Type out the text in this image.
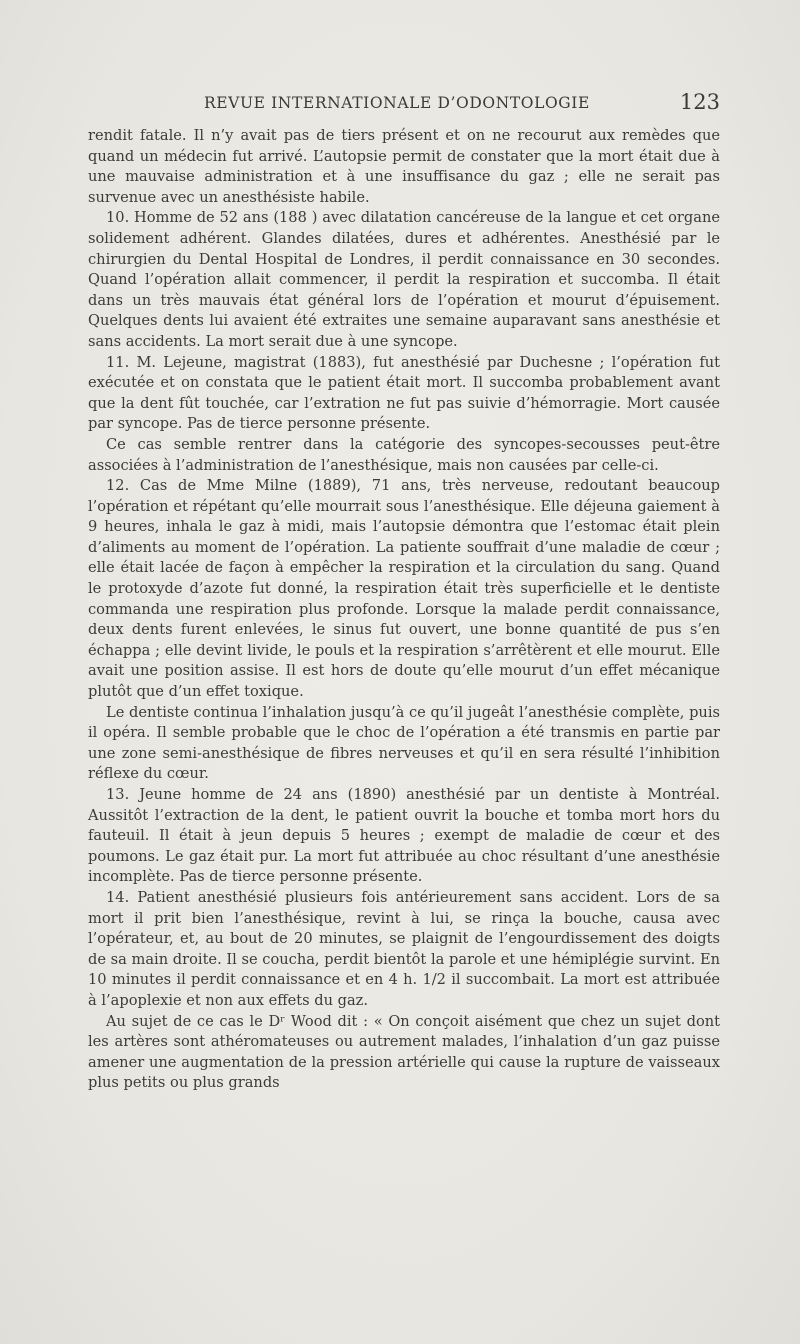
REVUE INTERNATIONALE D’ODONTOLOGIE	123

rendit fatale. Il n’y avait pas de tiers présent et on ne recourut aux remèdes que quand un médecin fut arrivé. L’autopsie permit de constater que la mort était due à une mauvaise administration et à une insuffisance du gaz ; elle ne serait pas survenue avec un anesthésiste habile.

10. Homme de 52 ans (188 ) avec dilatation cancéreuse de la langue et cet organe solidement adhérent. Glandes dilatées, dures et adhérentes. Anesthésié par le chirurgien du Dental Hospital de Londres, il perdit connaissance en 30 secondes. Quand l’opération allait commencer, il perdit la respiration et succomba. Il était dans un très mauvais état général lors de l’opération et mourut d’épuisement. Quelques dents lui avaient été extraites une semaine auparavant sans anesthésie et sans accidents. La mort serait due à une syncope.

11. M. Lejeune, magistrat (1883), fut anesthésié par Duchesne ; l’opération fut exécutée et on constata que le patient était mort. Il succomba probablement avant que la dent fût touchée, car l’extration ne fut pas suivie d’hémorragie. Mort causée par syncope. Pas de tierce personne présente.

Ce cas semble rentrer dans la catégorie des syncopes-secousses peut-être associées à l’administration de l’anesthésique, mais non causées par celle-ci.

12. Cas de Mme Milne (1889), 71 ans, très nerveuse, redoutant beaucoup l’opération et répétant qu’elle mourrait sous l’anesthésique. Elle déjeuna gaiement à 9 heures, inhala le gaz à midi, mais l’autopsie démontra que l’estomac était plein d’aliments au moment de l’opération. La patiente souffrait d’une maladie de cœur ; elle était lacée de façon à empêcher la respiration et la circulation du sang. Quand le protoxyde d’azote fut donné, la respiration était très superficielle et le dentiste commanda une respiration plus profonde. Lorsque la malade perdit connaissance, deux dents furent enlevées, le sinus fut ouvert, une bonne quantité de pus s’en échappa ; elle devint livide, le pouls et la respiration s’arrêtèrent et elle mourut. Elle avait une position assise. Il est hors de doute qu’elle mourut d’un effet mécanique plutôt que d’un effet toxique.

Le dentiste continua l’inhalation jusqu’à ce qu’il jugeât l’anesthésie complète, puis il opéra. Il semble probable que le choc de l’opération a été transmis en partie par une zone semi-anesthésique de fibres nerveuses et qu’il en sera résulté l’inhibition réflexe du cœur.

13. Jeune homme de 24 ans (1890) anesthésié par un dentiste à Montréal. Aussitôt l’extraction de la dent, le patient ouvrit la bouche et tomba mort hors du fauteuil. Il était à jeun depuis 5 heures ; exempt de maladie de cœur et des poumons. Le gaz était pur. La mort fut attribuée au choc résultant d’une anesthésie incomplète. Pas de tierce personne présente.

14. Patient anesthésié plusieurs fois antérieurement sans accident. Lors de sa mort il prit bien l’anesthésique, revint à lui, se rinça la bouche, causa avec l’opérateur, et, au bout de 20 minutes, se plaignit de l’engourdissement des doigts de sa main droite. Il se coucha, perdit bientôt la parole et une hémiplégie survint. En 10 minutes il perdit connaissance et en 4 h. 1/2 il succombait. La mort est attribuée à l’apoplexie et non aux effets du gaz.

Au sujet de ce cas le Dʳ Wood dit : « On conçoit aisément que chez un sujet dont les artères sont athéromateuses ou autrement malades, l’inhalation d’un gaz puisse amener une augmentation de la pression artérielle qui cause la rupture de vaisseaux plus petits ou plus grands
